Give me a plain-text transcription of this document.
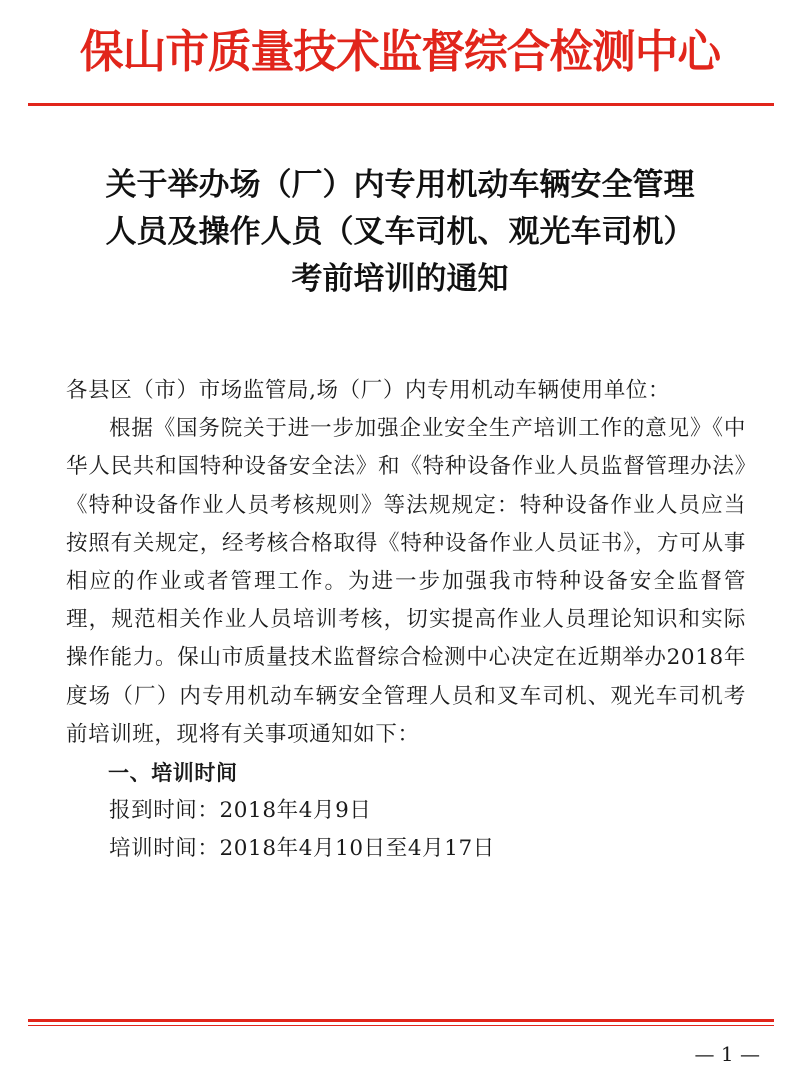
保山市质量技术监督综合检测中心
关于举办场（厂）内专用机动车辆安全管理
人员及操作人员（叉车司机、观光车司机）
考前培训的通知

各县区（市）市场监管局,场（厂）内专用机动车辆使用单位：

根据《国务院关于进一步加强企业安全生产培训工作的意见》《中华人民共和国特种设备安全法》和《特种设备作业人员监督管理办法》《特种设备作业人员考核规则》等法规规定：特种设备作业人员应当按照有关规定，经考核合格取得《特种设备作业人员证书》，方可从事相应的作业或者管理工作。为进一步加强我市特种设备安全监督管理，规范相关作业人员培训考核，切实提高作业人员理论知识和实际操作能力。保山市质量技术监督综合检测中心决定在近期举办2018年度场（厂）内专用机动车辆安全管理人员和叉车司机、观光车司机考前培训班，现将有关事项通知如下：

一、培训时间

报到时间：2018年4月9日

培训时间：2018年4月10日至4月17日

— 1 —
